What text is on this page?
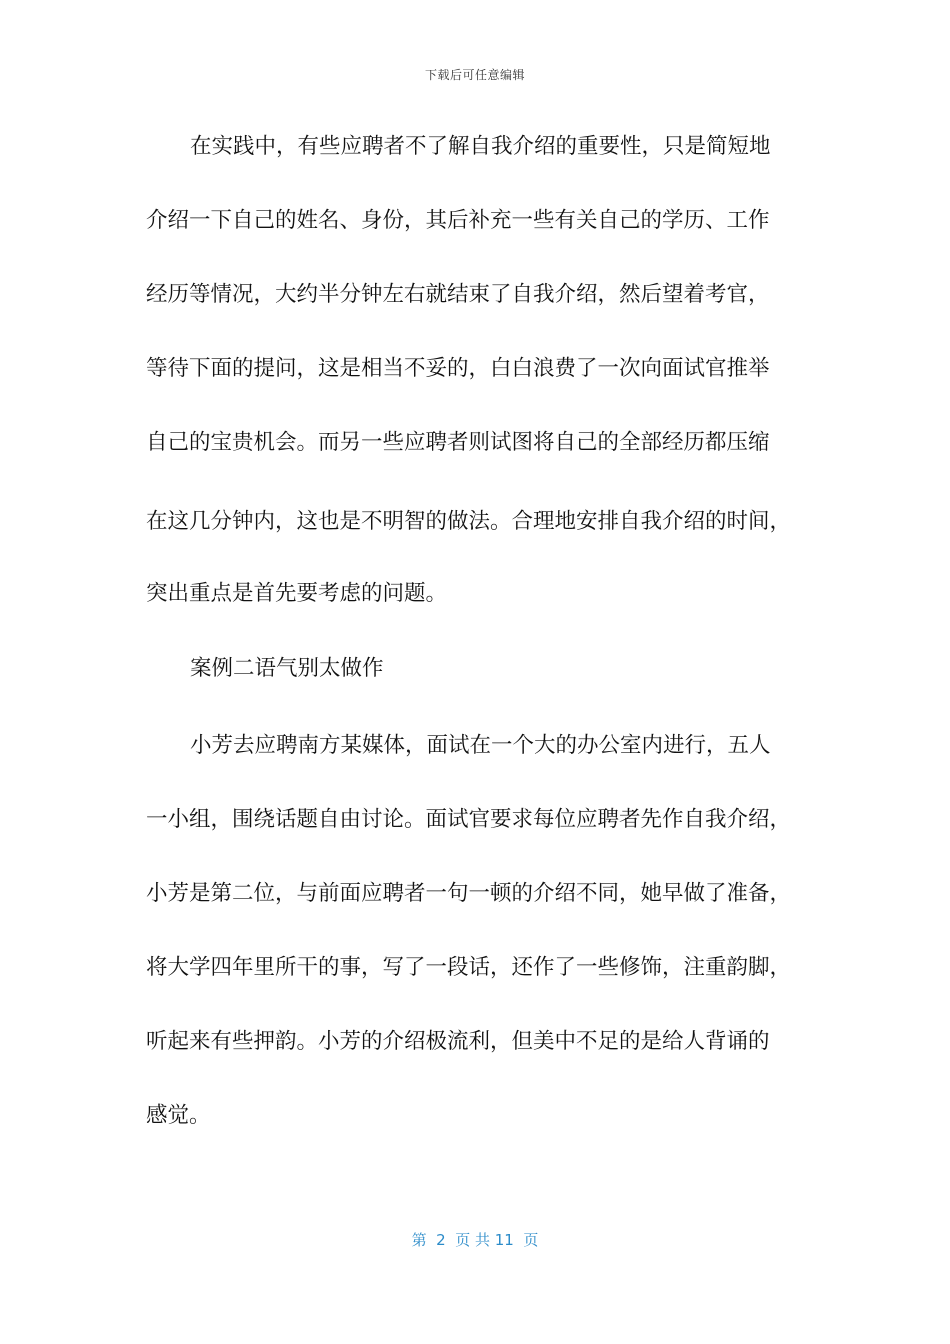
下载后可任意编辑
在实践中，有些应聘者不了解自我介绍的重要性，只是简短地
介绍一下自己的姓名、身份，其后补充一些有关自己的学历、工作
经历等情况，大约半分钟左右就结束了自我介绍，然后望着考官，
等待下面的提问，这是相当不妥的，白白浪费了一次向面试官推举
自己的宝贵机会。而另一些应聘者则试图将自己的全部经历都压缩
在这几分钟内，这也是不明智的做法。合理地安排自我介绍的时间，
突出重点是首先要考虑的问题。
案例二语气别太做作
小芳去应聘南方某媒体，面试在一个大的办公室内进行，五人
一小组，围绕话题自由讨论。面试官要求每位应聘者先作自我介绍，
小芳是第二位，与前面应聘者一句一顿的介绍不同，她早做了准备，
将大学四年里所干的事，写了一段话，还作了一些修饰，注重韵脚，
听起来有些押韵。小芳的介绍极流利，但美中不足的是给人背诵的
感觉。
第  2  页 共 11  页
